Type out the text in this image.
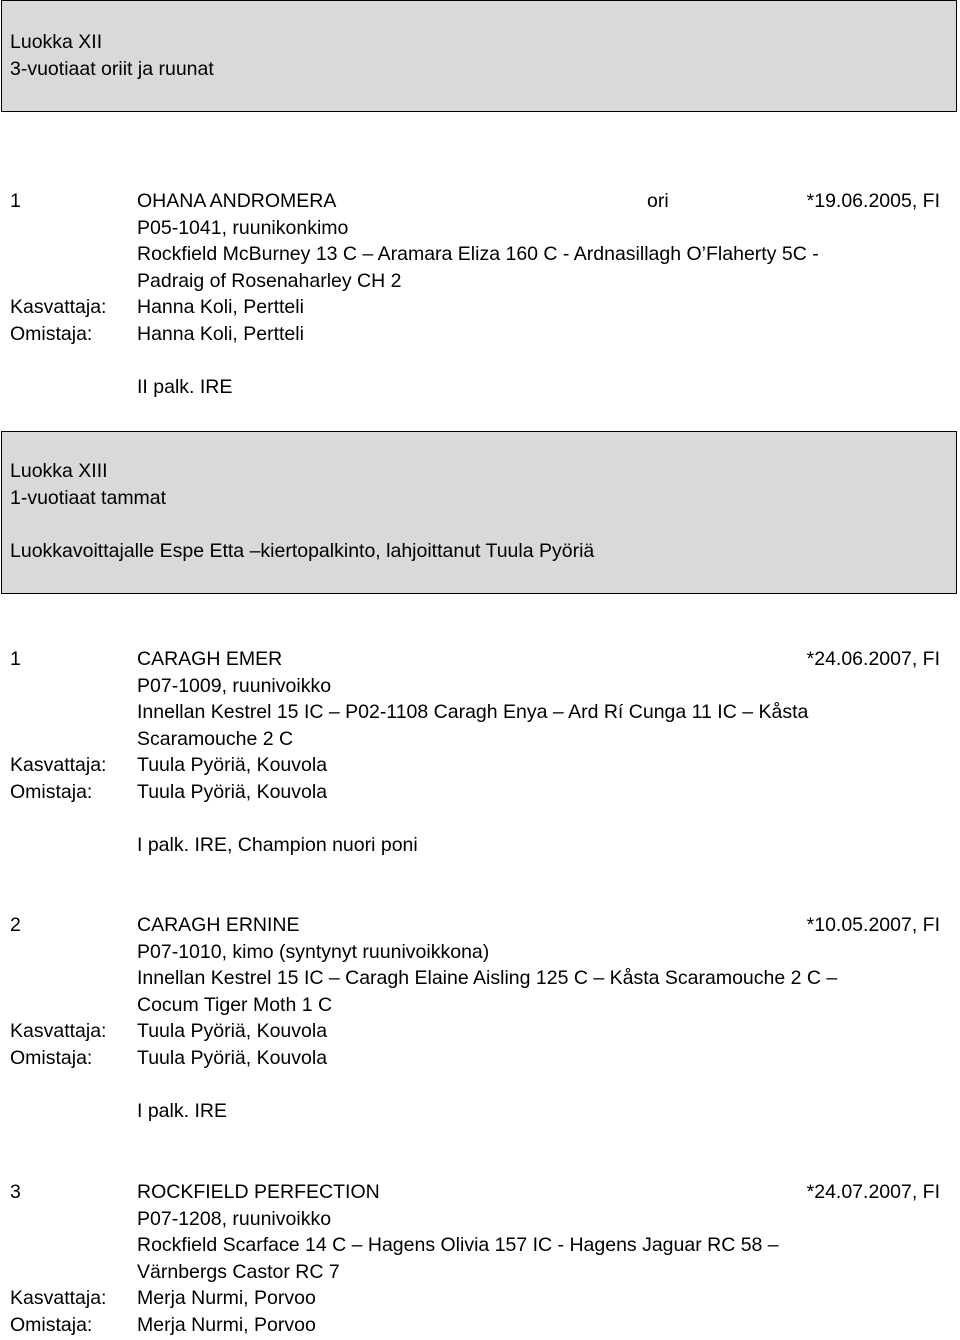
Luokka XII
3-vuotiaat oriit ja ruunat
1	OHANA ANDROMERA	ori	*19.06.2005, FI
P05-1041, ruunikonkimo
Rockfield McBurney 13 C – Aramara Eliza 160 C - Ardnasillagh O’Flaherty 5C -
Padraig of Rosenaharley CH 2
Kasvattaja: Hanna Koli, Pertteli
Omistaja: Hanna Koli, Pertteli
II palk. IRE
Luokka XIII
1-vuotiaat tammat
Luokkavoittajalle Espe Etta –kiertopalkinto, lahjoittanut Tuula Pyöriä
1	CARAGH EMER	*24.06.2007, FI
P07-1009, ruunivoikko
Innellan Kestrel 15 IC – P02-1108 Caragh Enya – Ard Rí Cunga 11 IC – Kåsta
Scaramouche 2 C
Kasvattaja: Tuula Pyöriä, Kouvola
Omistaja: Tuula Pyöriä, Kouvola
I palk. IRE, Champion nuori poni
2	CARAGH ERNINE	*10.05.2007, FI
P07-1010, kimo (syntynyt ruunivoikkona)
Innellan Kestrel 15 IC – Caragh Elaine Aisling 125 C – Kåsta Scaramouche 2 C –
Cocum Tiger Moth 1 C
Kasvattaja: Tuula Pyöriä, Kouvola
Omistaja: Tuula Pyöriä, Kouvola
I palk. IRE
3	ROCKFIELD PERFECTION	*24.07.2007, FI
P07-1208, ruunivoikko
Rockfield Scarface 14 C – Hagens Olivia 157 IC - Hagens Jaguar RC 58 –
Värnbergs Castor RC 7
Kasvattaja: Merja Nurmi, Porvoo
Omistaja: Merja Nurmi, Porvoo
